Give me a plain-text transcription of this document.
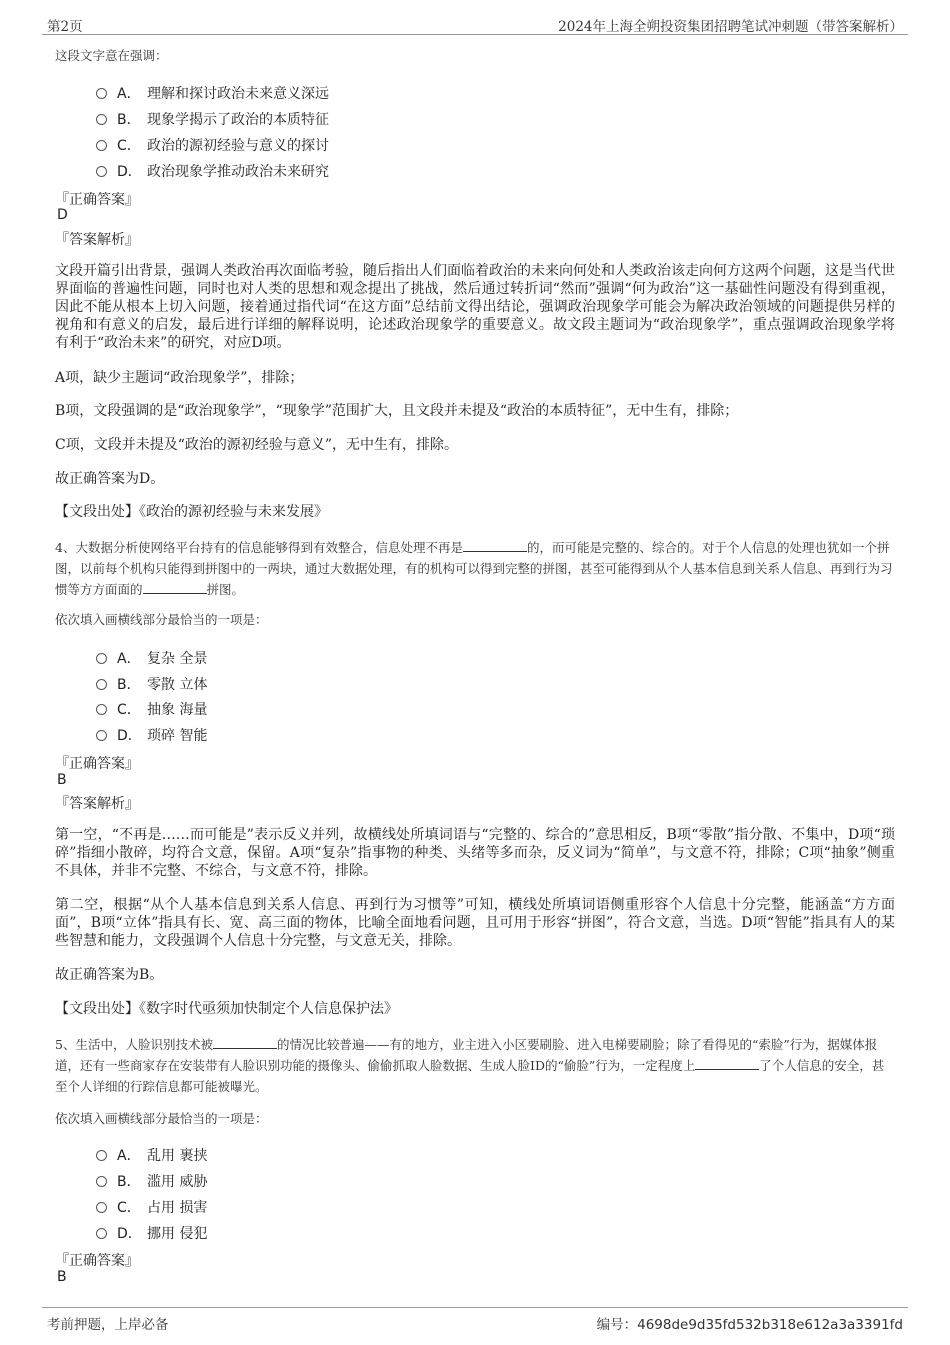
第2页	2024年上海全朔投资集团招聘笔试冲刺题（带答案解析）
这段文字意在强调：
A． 理解和探讨政治未来意义深远
B． 现象学揭示了政治的本质特征
C． 政治的源初经验与意义的探讨
D． 政治现象学推动政治未来研究
『正确答案』
D
『答案解析』
文段开篇引出背景，强调人类政治再次面临考验，随后指出人们面临着政治的未来向何处和人类政治该走向何方这两个问题，这是当代世界面临的普遍性问题，同时也对人类的思想和观念提出了挑战，然后通过转折词“然而”强调“何为政治”这一基础性问题没有得到重视，因此不能从根本上切入问题，接着通过指代词“在这方面”总结前文得出结论，强调政治现象学可能会为解决政治领域的问题提供另样的视角和有意义的启发，最后进行详细的解释说明，论述政治现象学的重要意义。故文段主题词为“政治现象学”，重点强调政治现象学将有利于“政治未来”的研究，对应D项。
A项，缺少主题词“政治现象学”，排除；
B项，文段强调的是“政治现象学”，“现象学”范围扩大，且文段并未提及“政治的本质特征”，无中生有，排除；
C项，文段并未提及“政治的源初经验与意义”，无中生有，排除。
故正确答案为D。
【文段出处】《政治的源初经验与未来发展》
4、大数据分析使网络平台持有的信息能够得到有效整合，信息处理不再是	的，而可能是完整的、综合的。对于个人信息的处理也犹如一个拼图，以前每个机构只能得到拼图中的一两块，通过大数据处理，有的机构可以得到完整的拼图，甚至可能得到从个人基本信息到关系人信息、再到行为习惯等方方面面的	拼图。
依次填入画横线部分最恰当的一项是：
A． 复杂 全景
B． 零散 立体
C． 抽象 海量
D． 琐碎 智能
『正确答案』
B
『答案解析』
第一空，“不再是……而可能是”表示反义并列，故横线处所填词语与“完整的、综合的”意思相反，B项“零散”指分散、不集中，D项“琐碎”指细小散碎，均符合文意，保留。A项“复杂”指事物的种类、头绪等多而杂，反义词为“简单”，与文意不符，排除；C项“抽象”侧重不具体，并非不完整、不综合，与文意不符，排除。
第二空，根据“从个人基本信息到关系人信息、再到行为习惯等”可知，横线处所填词语侧重形容个人信息十分完整，能涵盖“方方面面”，B项“立体”指具有长、宽、高三面的物体，比喻全面地看问题，且可用于形容“拼图”，符合文意，当选。D项“智能”指具有人的某些智慧和能力，文段强调个人信息十分完整，与文意无关，排除。
故正确答案为B。
【文段出处】《数字时代亟须加快制定个人信息保护法》
5、生活中，人脸识别技术被	的情况比较普遍——有的地方，业主进入小区要刷脸、进入电梯要刷脸；除了看得见的“索脸”行为，据媒体报道，还有一些商家存在安装带有人脸识别功能的摄像头、偷偷抓取人脸数据、生成人脸ID的“偷脸”行为，一定程度上	了个人信息的安全，甚至个人详细的行踪信息都可能被曝光。
依次填入画横线部分最恰当的一项是：
A． 乱用 裹挟
B． 滥用 威胁
C． 占用 损害
D． 挪用 侵犯
『正确答案』
B
考前押题，上岸必备	编号：4698de9d35fd532b318e612a3a3391fd
